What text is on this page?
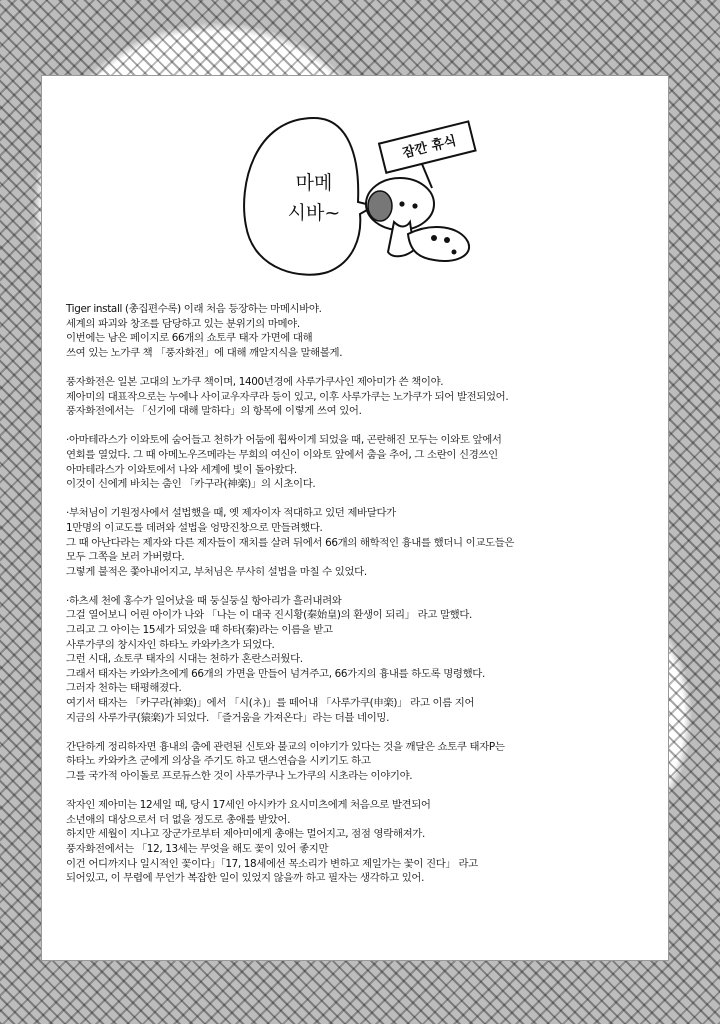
마메
시바~
잠깐 휴식
Tiger install (총집편수록) 이래 처음 등장하는 마메시바야.
세계의 파괴와 창조를 담당하고 있는 분위기의 마메야.
이번에는 남은 페이지로 66개의 쇼토쿠 태자 가면에 대해
쓰여 있는 노가쿠 책 「풍자화전」에 대해 깨알지식을 말해볼게.
풍자화전은 일본 고대의 노가쿠 책이며, 1400년경에 사루가쿠사인 제아미가 쓴 책이야.
제아미의 대표작으로는 누에나 사이교우자쿠라 등이 있고, 이후 사루가쿠는 노가쿠가 되어 발전되었어.
풍자화전에서는 「신기에 대해 말하다」의 항목에 이렇게 쓰여 있어.
·아마테라스가 이와토에 숨어들고 천하가 어둠에 휩싸이게 되었을 때, 곤란해진 모두는 이와토 앞에서
연회를 열었다. 그 때 아메노우즈메라는 무희의 여신이 이와토 앞에서 춤을 추어, 그 소란이 신경쓰인
아마테라스가 이와토에서 나와 세계에 빛이 돌아왔다.
이것이 신에게 바치는 춤인 「카구라(神楽)」의 시초이다.
·부처님이 기원정사에서 설법했을 때, 옛 제자이자 적대하고 있던 제바달다가
1만명의 이교도를 데려와 설법을 엉망진창으로 만들려했다.
그 때 아난다라는 제자와 다른 제자들이 재치를 살려 뒤에서 66개의 해학적인 흉내를 했더니 이교도들은
모두 그쪽을 보러 가버렸다.
그렇게 불적은 쫓아내어지고, 부처님은 무사히 설법을 마칠 수 있었다.
·하츠세 천에 홍수가 일어났을 때 둥실둥실 항아리가 흘러내려와
그걸 열어보니 어린 아이가 나와 「나는 이 대국 진시황(秦始皇)의 환생이 되리」 라고 말했다.
그리고 그 아이는 15세가 되었을 때 하타(秦)라는 이름을 받고
사루가쿠의 창시자인 하타노 카와카츠가 되었다.
그런 시대, 쇼토쿠 태자의 시대는 천하가 혼란스러웠다.
그래서 태자는 카와카츠에게 66개의 가면을 만들어 넘겨주고, 66가지의 흉내를 하도록 명령했다.
그러자 천하는 태평해졌다.
여기서 태자는 「카구라(神楽)」에서 「시(ネ)」를 떼어내 「사루가쿠(申楽)」 라고 이름 지어
지금의 사루가쿠(猿楽)가 되었다. 「즐거움을 가져온다」라는 더블 네이밍.
간단하게 정리하자면 흉내의 춤에 관련된 신토와 불교의 이야기가 있다는 것을 깨달은 쇼토쿠 태자P는
하타노 카와카츠 군에게 의상을 주기도 하고 댄스연습을 시키기도 하고
그를 국가적 아이돌로 프로듀스한 것이 사루가쿠나 노가쿠의 시초라는 이야기야.
작자인 제아미는 12세일 때, 당시 17세인 아시카가 요시미츠에게 처음으로 발견되어
소년애의 대상으로서 더 없을 정도로 총애를 받았어.
하지만 세월이 지나고 장군가로부터 제아미에게 총애는 멀어지고, 점점 영락해져가.
풍자화전에서는 「12, 13세는 무엇을 해도 꽃이 있어 좋지만
이건 어디까지나 일시적인 꽃이다」「17, 18세에선 목소리가 변하고 제일가는 꽃이 진다」 라고
되어있고, 이 무렵에 무언가 복잡한 일이 있었지 않을까 하고 필자는 생각하고 있어.
